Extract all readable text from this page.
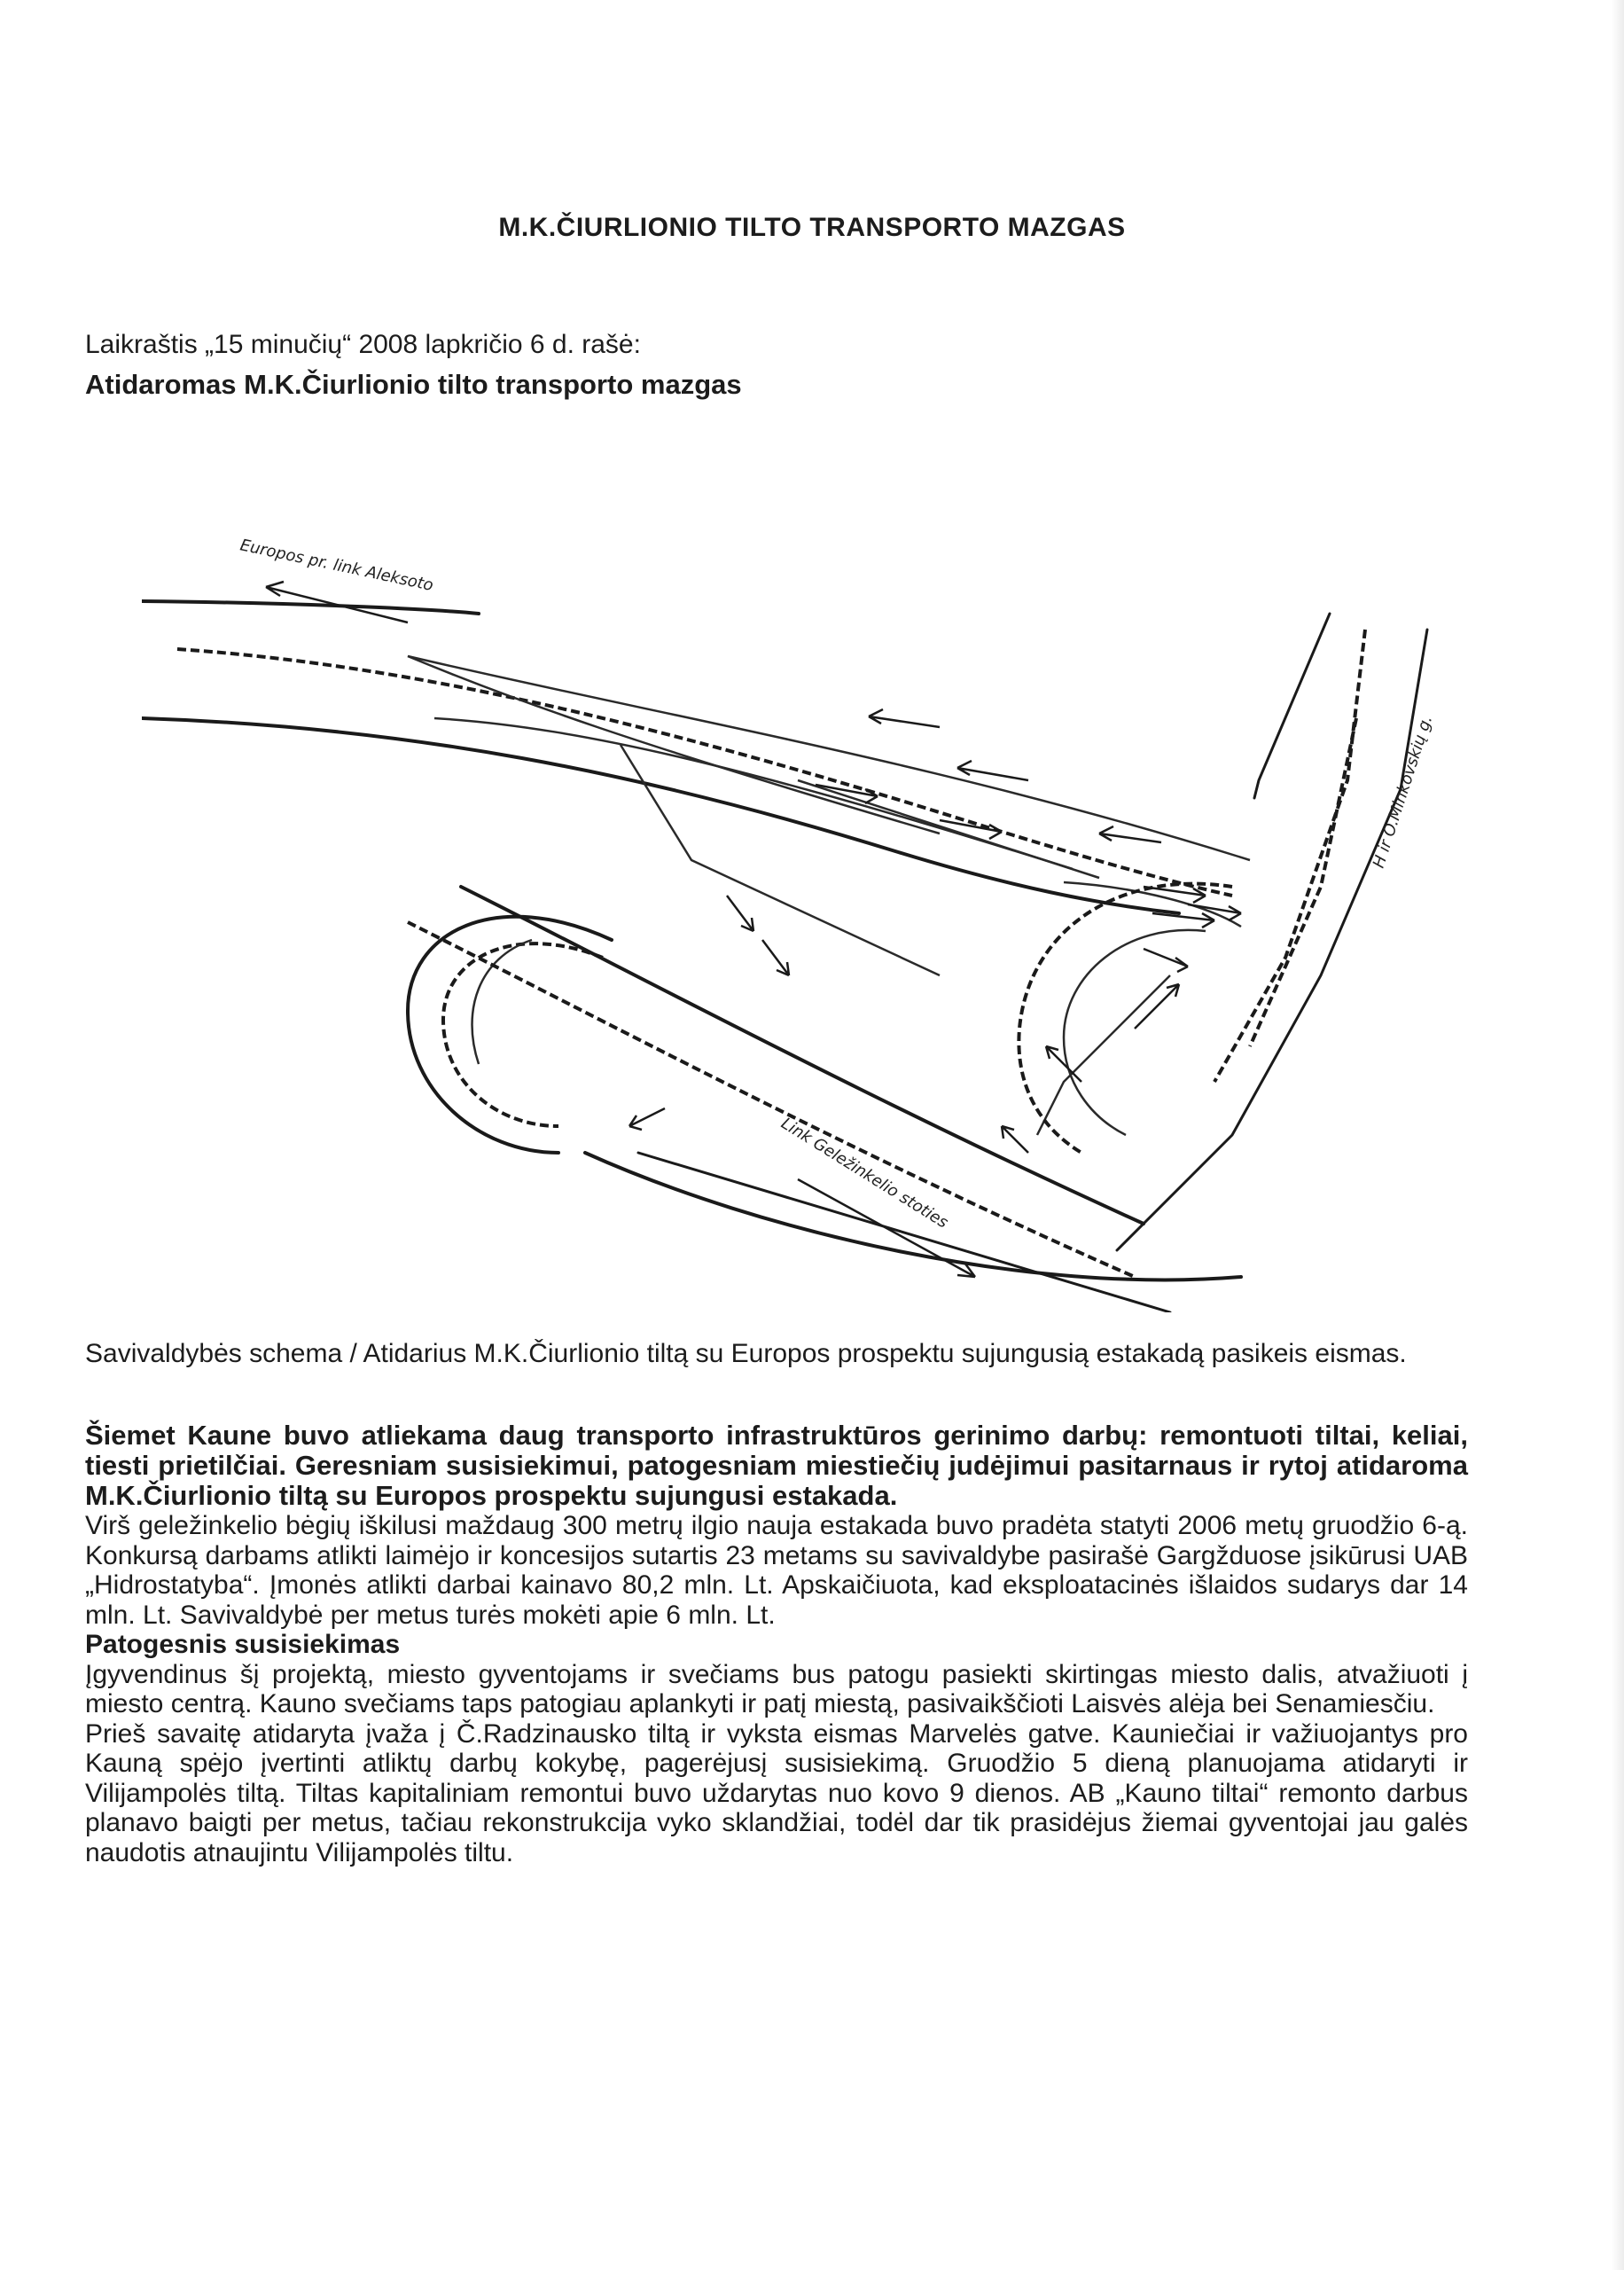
M.K.ČIURLIONIO TILTO TRANSPORTO MAZGAS
Laikraštis „15 minučių“ 2008 lapkričio 6 d. rašė:
Atidaromas M.K.Čiurlionio tilto transporto mazgas
Europos pr. link Aleksoto
H ir O.Minkovskių g.
Link Geležinkelio stoties
Savivaldybės schema / Atidarius M.K.Čiurlionio tiltą su Europos prospektu sujungusią estakadą pasikeis eismas.

Šiemet Kaune buvo atliekama daug transporto infrastruktūros gerinimo darbų: remontuoti tiltai, keliai, tiesti prietilčiai. Geresniam susisiekimui, patogesniam miestiečių judėjimui pasitarnaus ir rytoj atidaroma M.K.Čiurlionio tiltą su Europos prospektu sujungusi estakada.

Virš geležinkelio bėgių iškilusi maždaug 300 metrų ilgio nauja estakada buvo pradėta statyti 2006 metų gruodžio 6-ą. Konkursą darbams atlikti laimėjo ir koncesijos sutartis 23 metams su savivaldybe pasirašė Gargžduose įsikūrusi UAB „Hidrostatyba“. Įmonės atlikti darbai kainavo 80,2 mln. Lt. Apskaičiuota, kad eksploatacinės išlaidos sudarys dar 14 mln. Lt. Savivaldybė per metus turės mokėti apie 6 mln. Lt.

Patogesnis susisiekimas

Įgyvendinus šį projektą, miesto gyventojams ir svečiams bus patogu pasiekti skirtingas miesto dalis, atvažiuoti į miesto centrą. Kauno svečiams taps patogiau aplankyti ir patį miestą, pasivaikščioti Laisvės alėja bei Senamiesčiu.

Prieš savaitę atidaryta įvaža į Č.Radzinausko tiltą ir vyksta eismas Marvelės gatve. Kauniečiai ir važiuojantys pro Kauną spėjo įvertinti atliktų darbų kokybę, pagerėjusį susisiekimą. Gruodžio 5 dieną planuojama atidaryti ir Vilijampolės tiltą. Tiltas kapitaliniam remontui buvo uždarytas nuo kovo 9 dienos. AB „Kauno tiltai“ remonto darbus planavo baigti per metus, tačiau rekonstrukcija vyko sklandžiai, todėl dar tik prasidėjus žiemai gyventojai jau galės naudotis atnaujintu Vilijampolės tiltu.
